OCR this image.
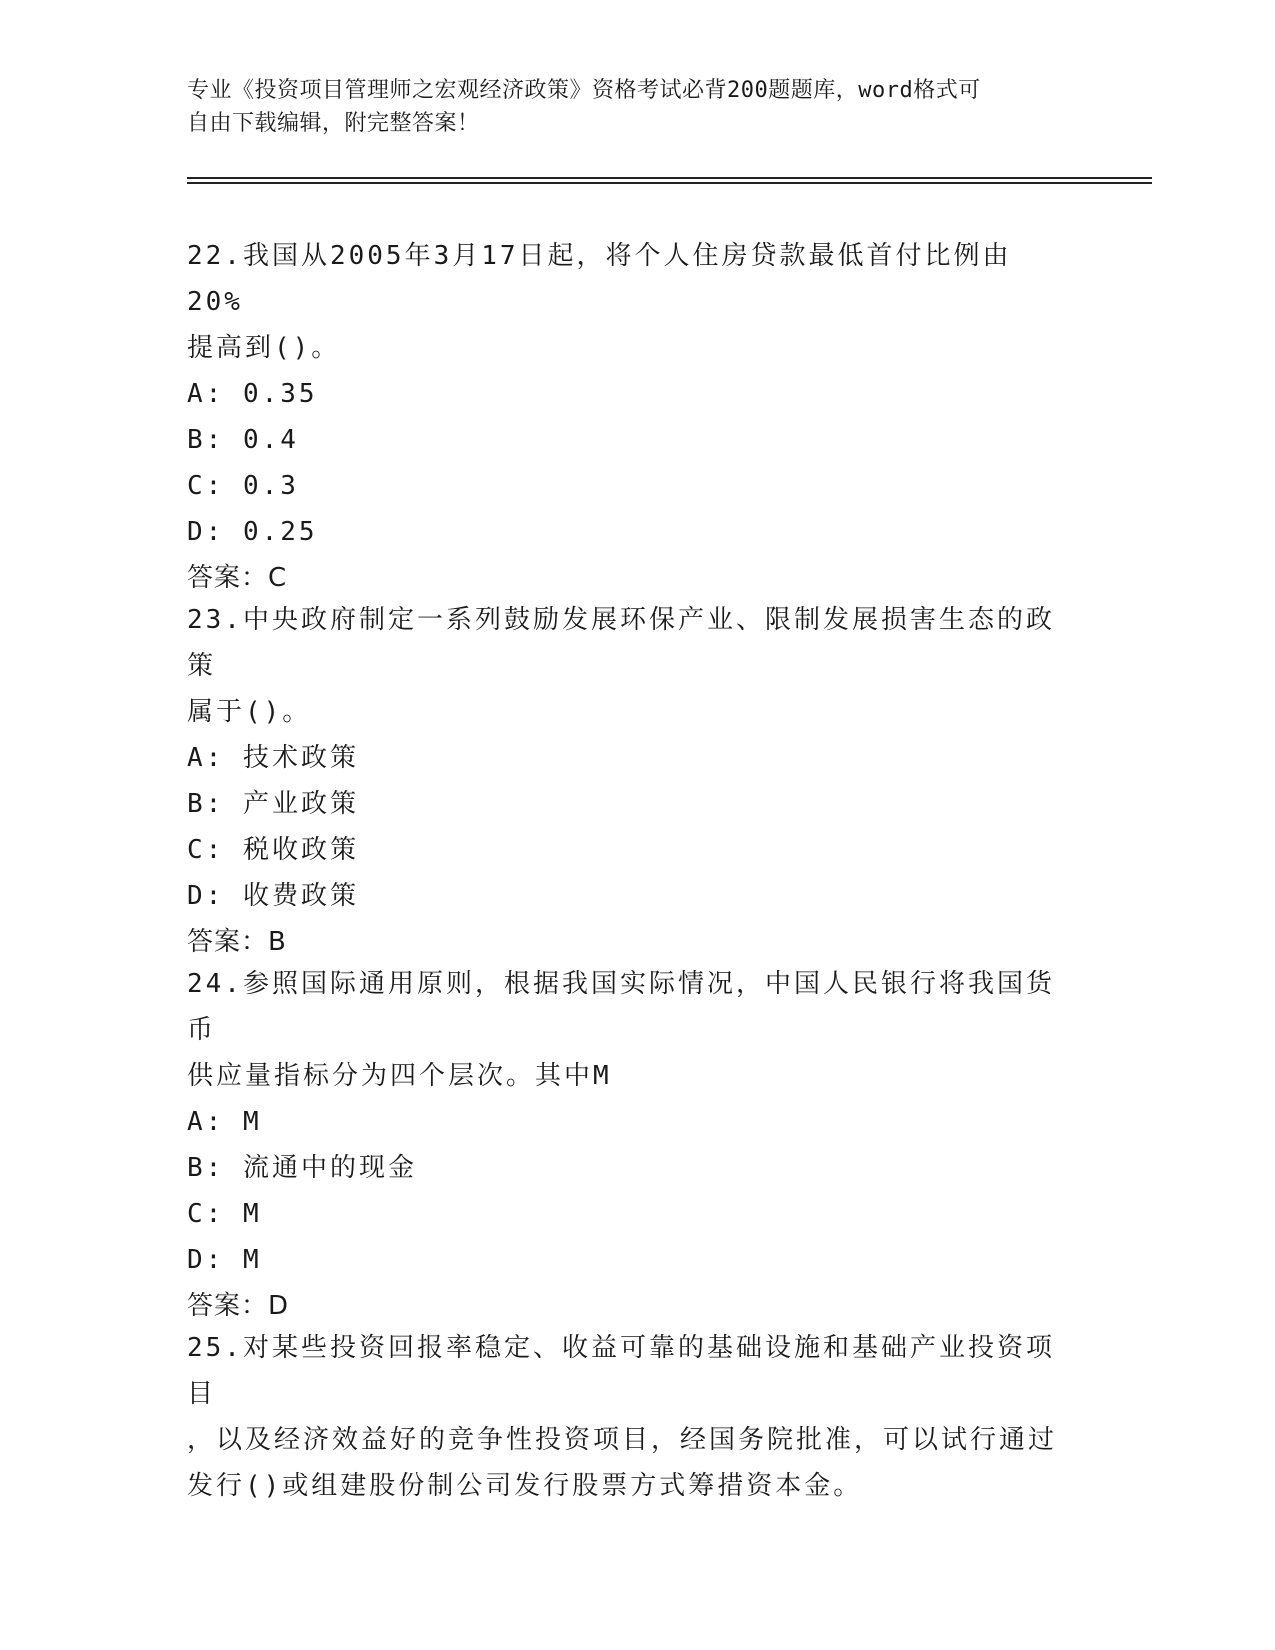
专业《投资项目管理师之宏观经济政策》资格考试必背200题题库，word格式可
自由下载编辑，附完整答案！

22.我国从2005年3月17日起，将个人住房贷款最低首付比例由20%

提高到()。

A: 0.35

B: 0.4

C: 0.3

D: 0.25

答案：C

23.中央政府制定一系列鼓励发展环保产业、限制发展损害生态的政策

属于()。

A: 技术政策

B: 产业政策

C: 税收政策

D: 收费政策

答案：B

24.参照国际通用原则，根据我国实际情况，中国人民银行将我国货币

供应量指标分为四个层次。其中M

A: M

B: 流通中的现金

C: M

D: M

答案：D

25.对某些投资回报率稳定、收益可靠的基础设施和基础产业投资项目

，以及经济效益好的竞争性投资项目，经国务院批准，可以试行通过

发行()或组建股份制公司发行股票方式筹措资本金。
